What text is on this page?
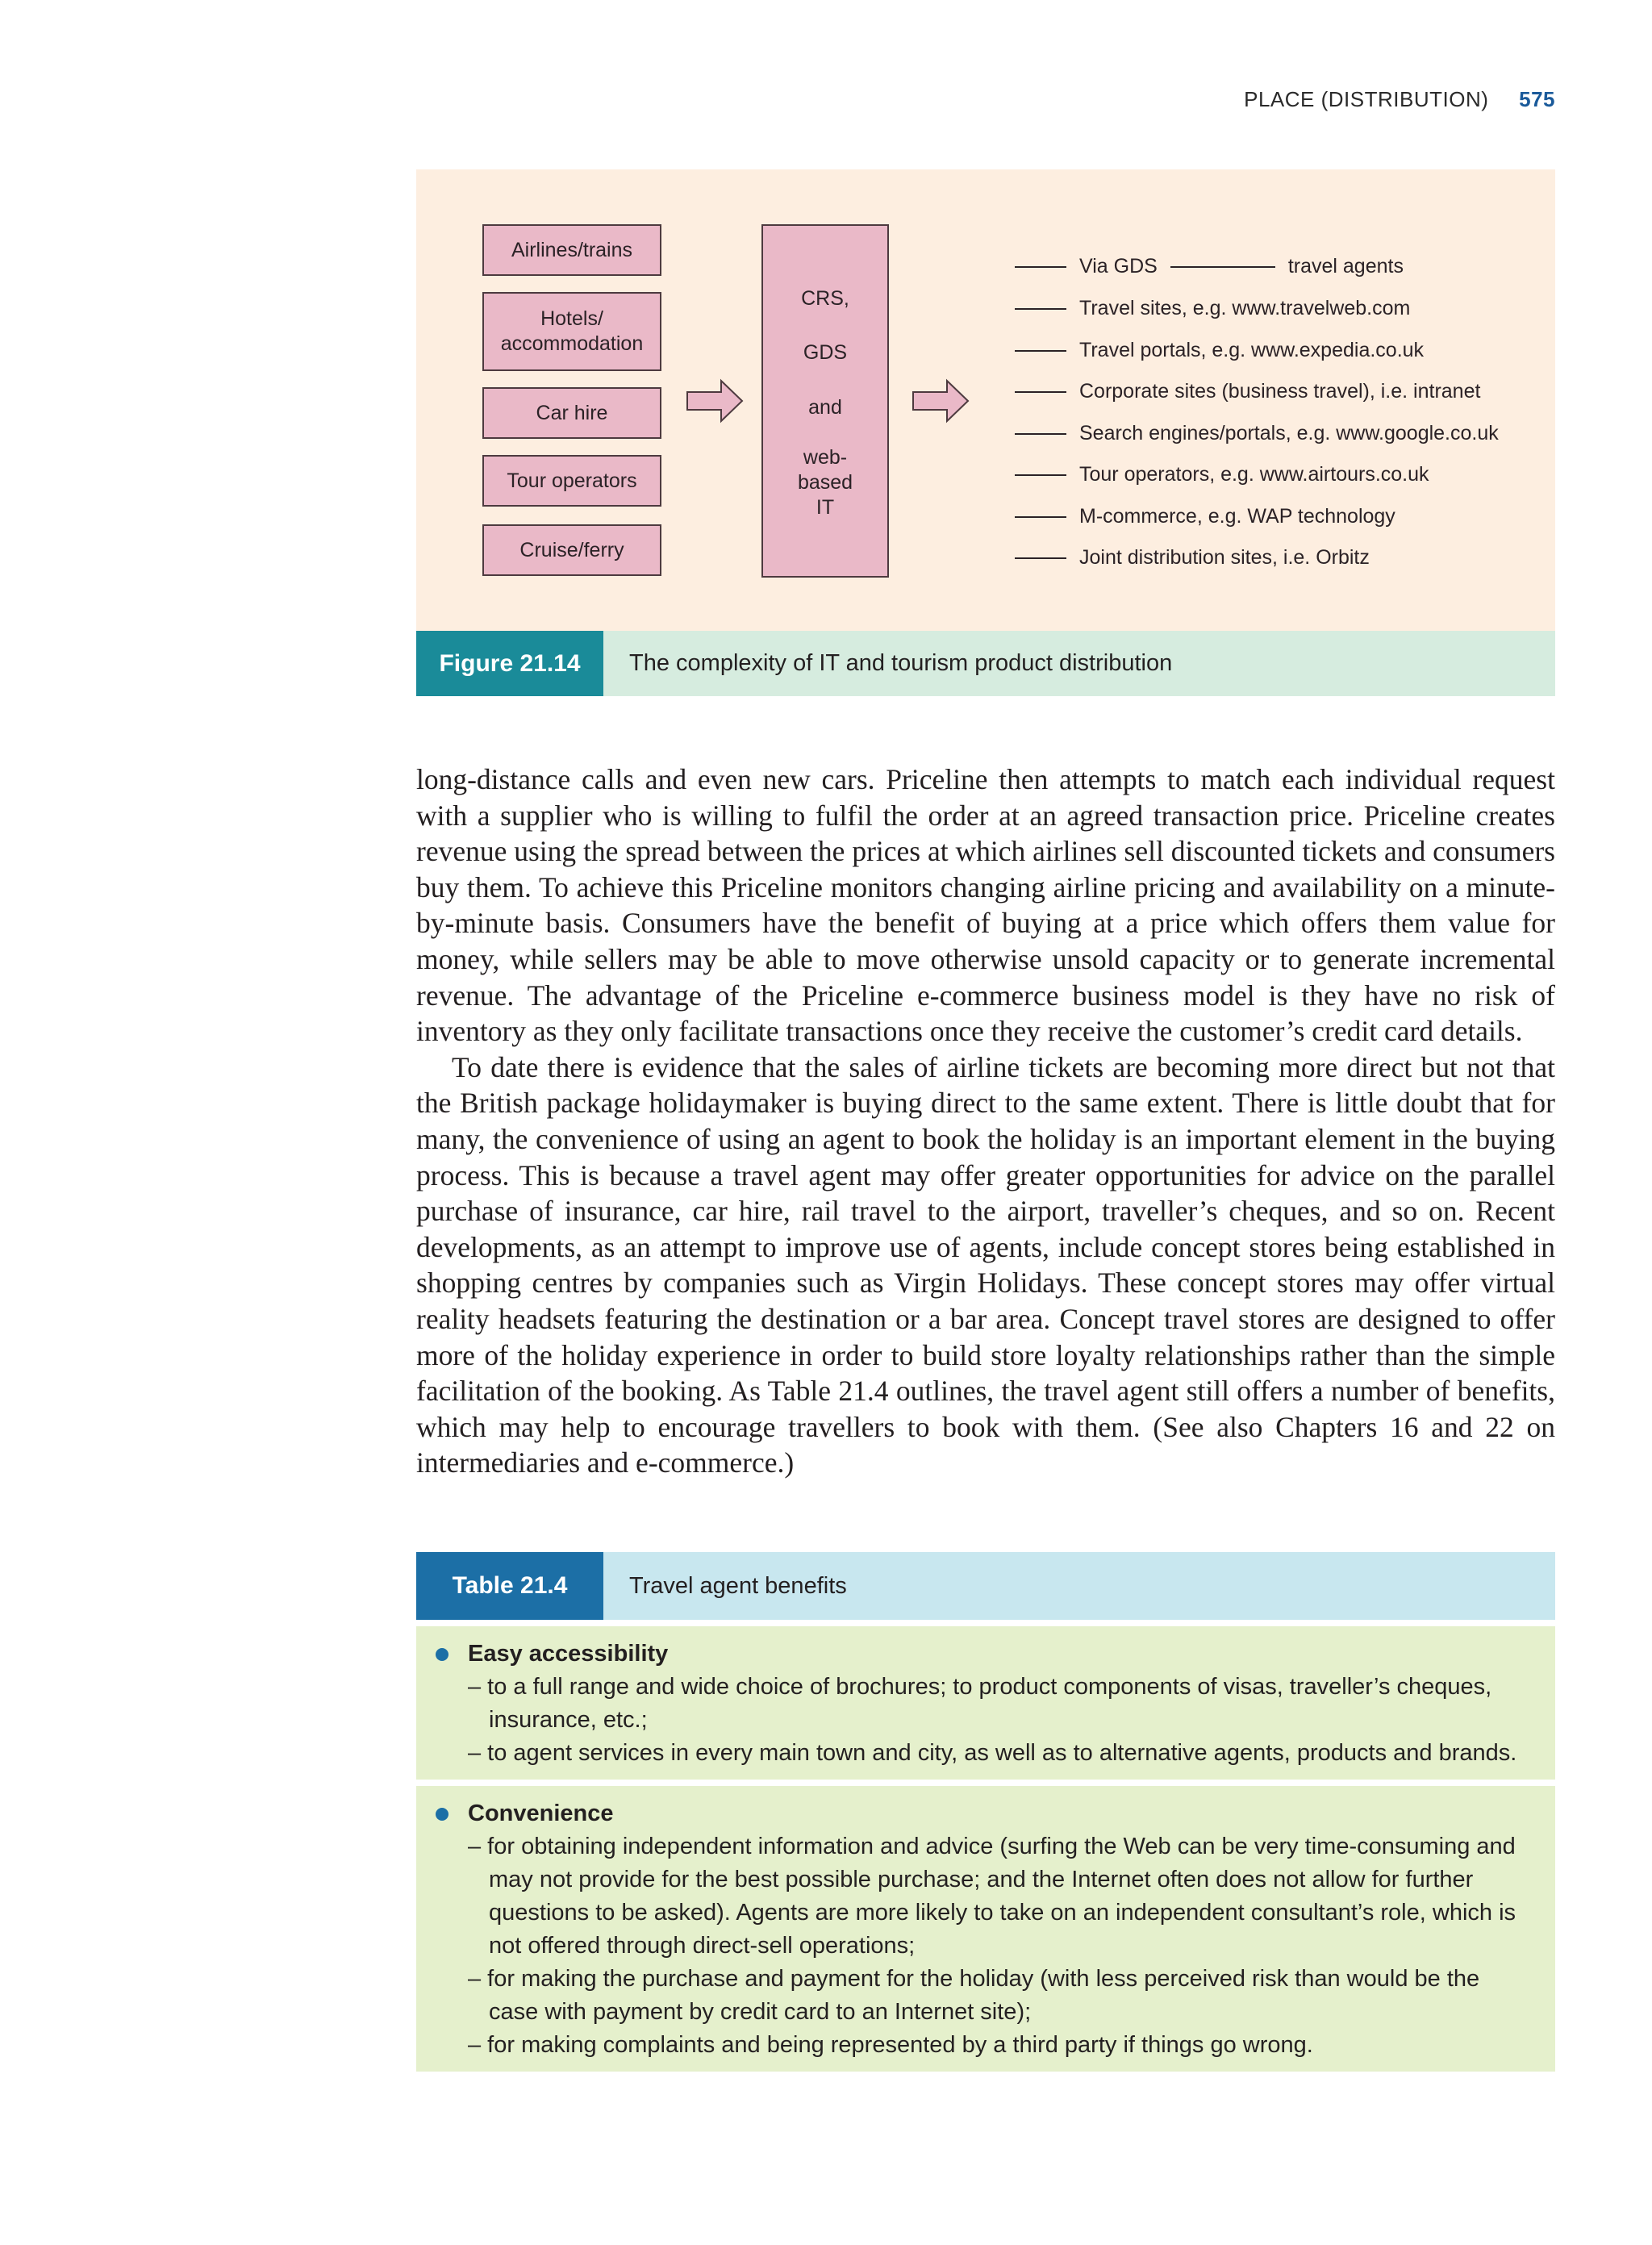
PLACE (DISTRIBUTION) 575
Airlines/trains
Hotels/
accommodation
Car hire
Tour operators
Cruise/ferry
CRS,
GDS
and
web-
based
IT
Via GDS	travel agents
Travel sites, e.g. www.travelweb.com
Travel portals, e.g. www.expedia.co.uk
Corporate sites (business travel), i.e. intranet
Search engines/portals, e.g. www.google.co.uk
Tour operators, e.g. www.airtours.co.uk
M-commerce, e.g. WAP technology
Joint distribution sites, i.e. Orbitz
Figure 21.14	The complexity of IT and tourism product distribution

long-distance calls and even new cars. Priceline then attempts to match each individual request with a supplier who is willing to fulfil the order at an agreed transaction price. Priceline creates revenue using the spread between the prices at which airlines sell discounted tickets and consumers buy them. To achieve this Priceline monitors changing airline pricing and availability on a minute-by-minute basis. Consumers have the benefit of buying at a price which offers them value for money, while sellers may be able to move otherwise unsold capacity or to generate incremental revenue. The advantage of the Priceline e-commerce business model is they have no risk of inventory as they only facilitate transactions once they receive the customer’s credit card details.

To date there is evidence that the sales of airline tickets are becoming more direct but not that the British package holidaymaker is buying direct to the same extent. There is little doubt that for many, the convenience of using an agent to book the holiday is an important element in the buying process. This is because a travel agent may offer greater opportunities for advice on the parallel purchase of insurance, car hire, rail travel to the airport, traveller’s cheques, and so on. Recent developments, as an attempt to improve use of agents, include concept stores being established in shopping centres by companies such as Virgin Holidays. These concept stores may offer virtual reality headsets featuring the destination or a bar area. Concept travel stores are designed to offer more of the holiday experience in order to build store loyalty relationships rather than the simple facilitation of the booking. As Table 21.4 outlines, the travel agent still offers a number of benefits, which may help to encourage travellers to book with them. (See also Chapters 16 and 22 on intermediaries and e-commerce.)

Table 21.4	Travel agent benefits
Easy accessibility
– to a full range and wide choice of brochures; to product components of visas, traveller’s cheques, insurance, etc.;
– to agent services in every main town and city, as well as to alternative agents, products and brands.
Convenience
– for obtaining independent information and advice (surfing the Web can be very time-consuming and may not provide for the best possible purchase; and the Internet often does not allow for further questions to be asked). Agents are more likely to take on an independent consultant’s role, which is not offered through direct-sell operations;
– for making the purchase and payment for the holiday (with less perceived risk than would be the case with payment by credit card to an Internet site);
– for making complaints and being represented by a third party if things go wrong.
